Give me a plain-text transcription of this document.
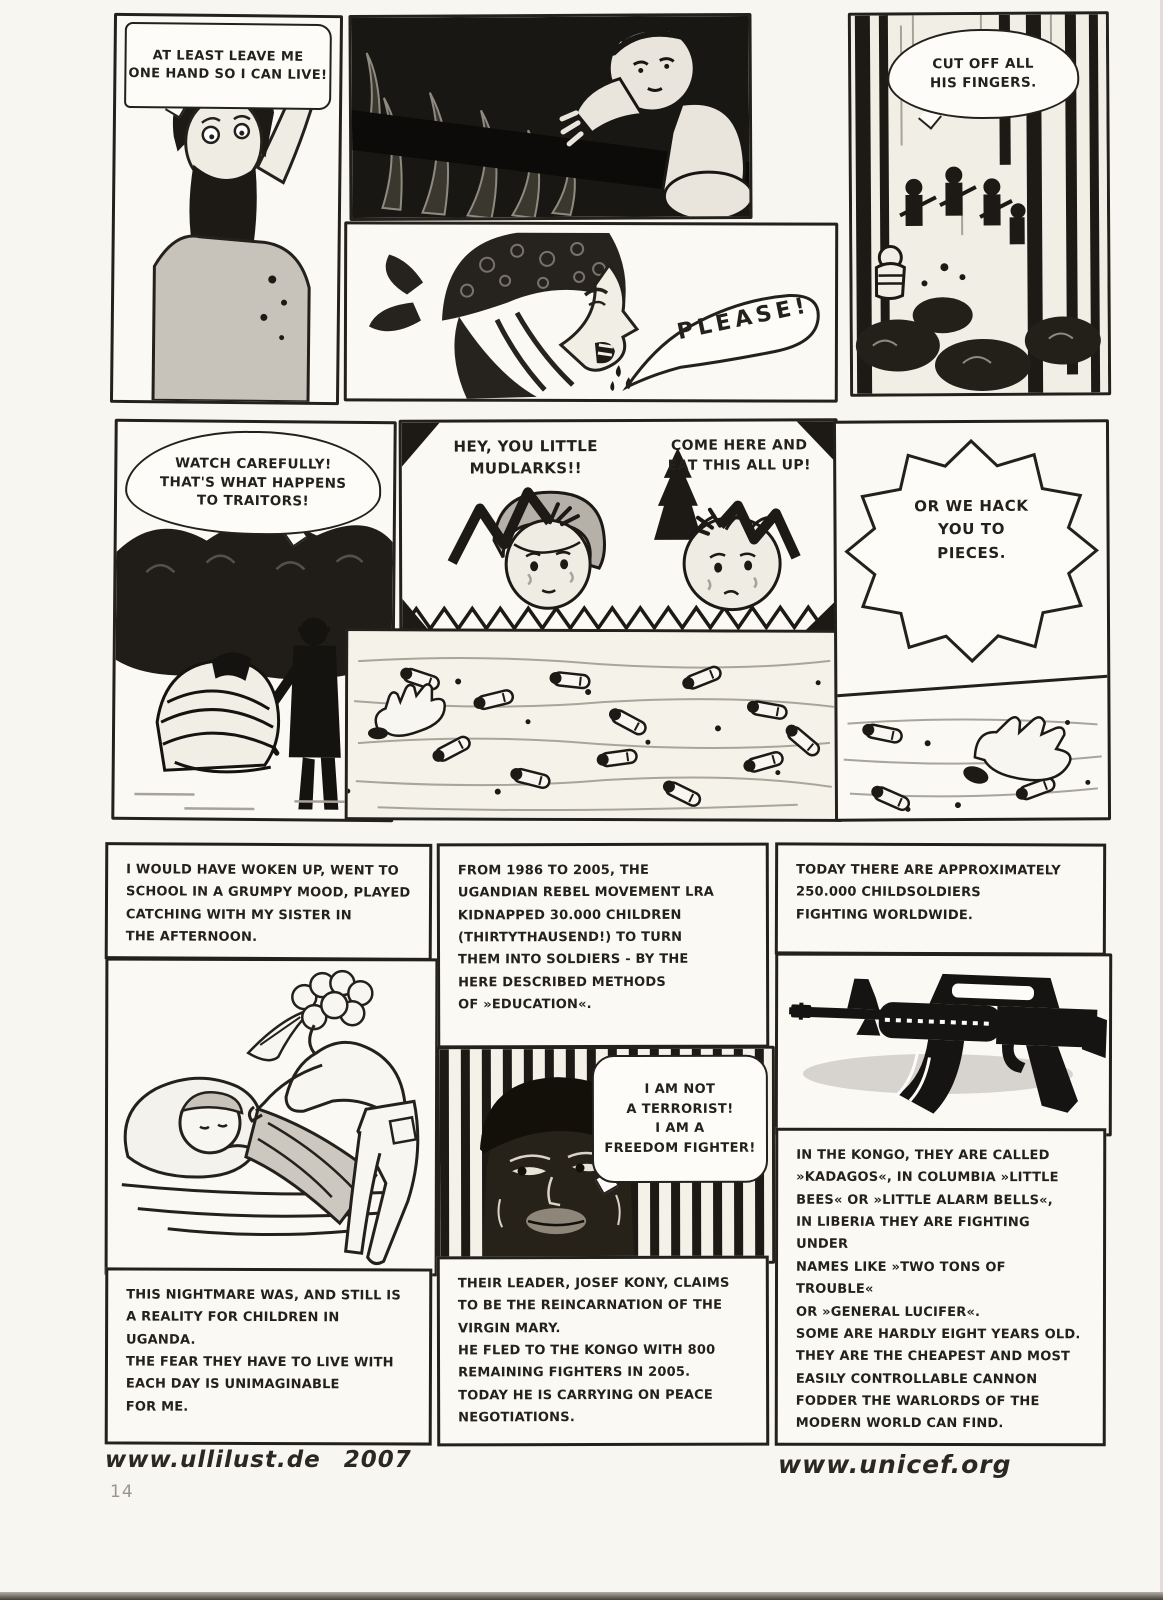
AT LEAST LEAVE ME
ONE HAND SO I CAN LIVE!
PLEASE!
CUT OFF ALL
HIS FINGERS.
WATCH CAREFULLY!
THAT'S WHAT HAPPENS
TO TRAITORS!
HEY, YOU LITTLE
MUDLARKS!!
COME HERE AND
EAT THIS ALL UP!
OR WE HACK
YOU TO
PIECES.
I WOULD HAVE WOKEN UP, WENT TO
SCHOOL IN A GRUMPY MOOD, PLAYED
CATCHING WITH MY SISTER IN
THE AFTERNOON.
THIS NIGHTMARE WAS, AND STILL IS
A REALITY FOR CHILDREN IN UGANDA.
THE FEAR THEY HAVE TO LIVE WITH
EACH DAY IS UNIMAGINABLE
FOR ME.
FROM 1986 TO 2005, THE
UGANDIAN REBEL MOVEMENT LRA
KIDNAPPED 30.000 CHILDREN
(THIRTYTHAUSEND!) TO TURN
THEM INTO SOLDIERS - BY THE
HERE DESCRIBED METHODS
OF »EDUCATION«.
I AM NOT
A TERRORIST!
I AM A
FREEDOM FIGHTER!
THEIR LEADER, JOSEF KONY, CLAIMS
TO BE THE REINCARNATION OF THE
VIRGIN MARY.
HE FLED TO THE KONGO WITH 800
REMAINING FIGHTERS IN 2005.
TODAY HE IS CARRYING ON PEACE
NEGOTIATIONS.
TODAY THERE ARE APPROXIMATELY
250.000 CHILDSOLDIERS
FIGHTING WORLDWIDE.
IN THE KONGO, THEY ARE CALLED
»KADAGOS«, IN COLUMBIA »LITTLE
BEES« OR »LITTLE ALARM BELLS«,
IN LIBERIA THEY ARE FIGHTING UNDER
NAMES LIKE »TWO TONS OF TROUBLE«
OR »GENERAL LUCIFER«.
SOME ARE HARDLY EIGHT YEARS OLD.
THEY ARE THE CHEAPEST AND MOST
EASILY CONTROLLABLE CANNON
FODDER THE WARLORDS OF THE
MODERN WORLD CAN FIND.
www.ullilust.de 2007
14
www.unicef.org
